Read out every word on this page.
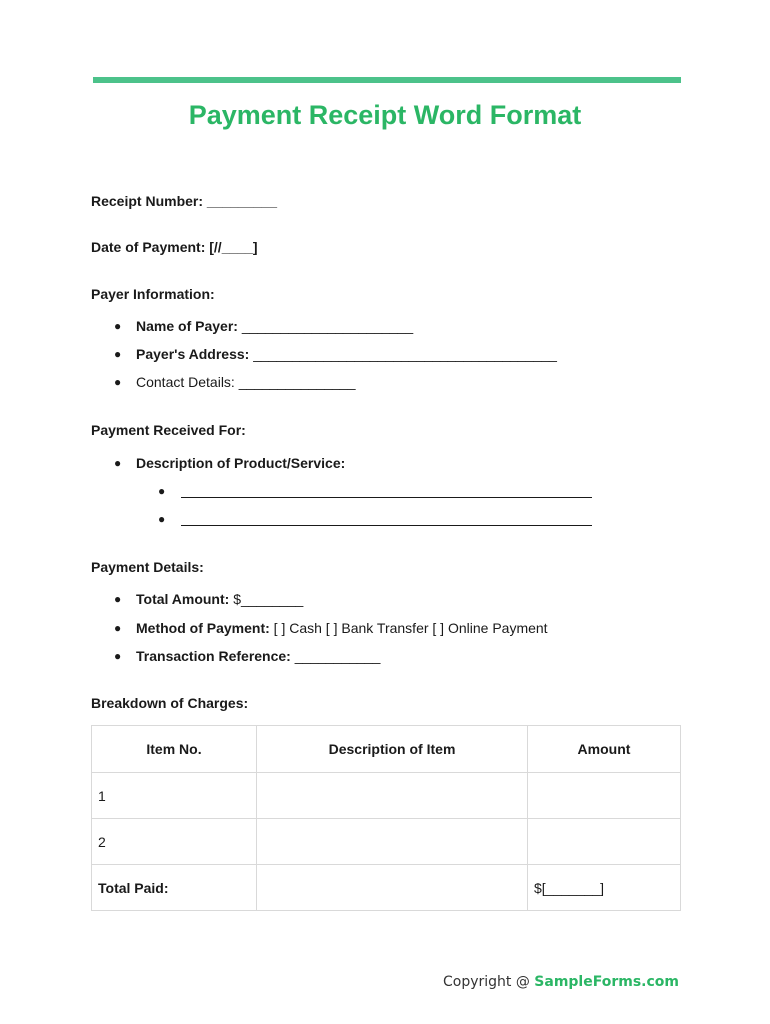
Payment Receipt Word Format
Receipt Number: _________
Date of Payment: [//____]
Payer Information:
● Name of Payer: ______________________
● Payer's Address: _______________________________________
● Contact Details: _______________
Payment Received For:
● Description of Product/Service:
●
●
Payment Details:
● Total Amount: $________
● Method of Payment: [ ] Cash [ ] Bank Transfer [ ] Online Payment
● Transaction Reference: ___________
Breakdown of Charges:
Item No.	Description of Item	Amount
1		
2		
Total Paid:		$[_______]
Copyright @ SampleForms.com
